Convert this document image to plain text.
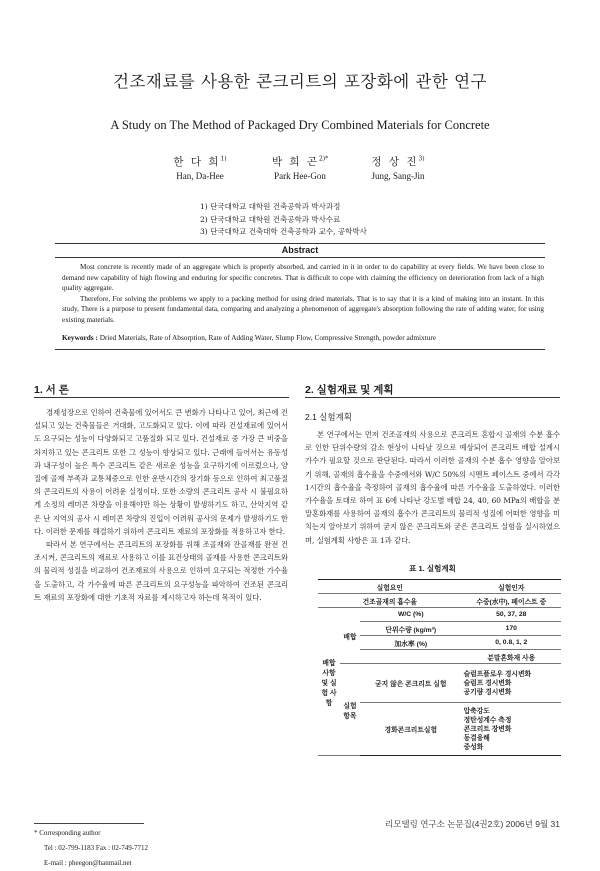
건조재료를 사용한 콘크리트의 포장화에 관한 연구
A Study on The Method of Packaged Dry Combined Materials for Concrete
한 다 희$^{1)}$
Han, Da-Hee
박 희 곤$^{2)*}$
Park Hee-Gon
정 상 진$^{3)}$
Jung, Sang-Jin
1) 단국대학교 대학원 건축공학과 박사과정
2) 단국대학교 대학원 건축공학과 박사수료
3) 단국대학교 건축대학 건축공학과 교수, 공학박사
Abstract

Most concrete is recently made of an aggregate which is properly absorbed, and carried in it in order to do capability at every fields. We have been close to demand new capability of high flowing and enduring for specific concretes. That is difficult to cope with claiming the efficiency on deterioration from lack of a high quality aggregate.

Therefore, For solving the problems we apply to a packing method for using dried materials. That is to say that it is a kind of making into an instant. In this study, There is a purpose to present fundamental data, comparing and analyzing a phenomenon of aggregate's absorption following the rate of adding water, for using existing materials.

Keywords : Dried Materials, Rate of Absorption, Rate of Adding Water, Slump Flow, Compressive Strength, powder admixture
1. 서 론

경제성장으로 인하여 건축물에 있어서도 큰 변화가 나타나고 있어, 최근에 건설되고 있는 건축물들은 거대화, 고도화되고 있다. 이에 따라 건설재료에 있어서도 요구되는 성능이 다양화되고 고품질화 되고 있다. 건설재료 중 가장 큰 비중을 차지하고 있는 콘크리트 또한 그 성능이 향상되고 있다. 근래에 들어서는 유동성과 내구성이 높은 특수 콘크리트 같은 새로운 성능을 요구하기에 이르렀으나, 양질에 골재 부족과 교통체증으로 인한 운반시간의 장기화 등으로 인하여 최고품질의 콘크리트의 사용이 어려운 실정이다. 또한 소량의 콘크리트 공사 시 불필요하게 소정의 레미콘 차량을 이용해야만 하는 상황이 발생하기도 하고, 산악지역 같은 난 지역의 공사 시 레미콘 차량의 진입이 어려워 공사의 문제가 발생하기도 한다. 이러한 문제를 해결하기 위하여 콘크리트 재료의 포장화를 적용하고자 한다.

따라서 본 연구에서는 콘크리트의 포장화를 위해 조골재와 잔골재를 완전 건조시켜, 콘크리트의 재료로 사용하고 이를 표건상태의 골재를 사용한 콘크리트와의 물리적 성질을 비교하여 건조재료의 사용으로 인하여 요구되는 적정한 가수율을 도출하고, 각 가수율에 따른 콘크리트의 요구성능을 파악하여 건조된 콘크리트 재료의 포장화에 대한 기초적 자료를 제시하고자 하는데 목적이 있다.

2. 실험재료 및 계획
2.1 실험계획

본 연구에서는 먼저 건조골재의 사용으로 콘크리트 혼합시 골재의 수분 흡수로 인한 단위수량의 감소 현상이 나타날 것으로 예상되어 콘크리트 배합 설계시 가수가 필요할 것으로 판단된다. 따라서 이러한 골재의 수분 흡수 영향을 알아보기 위해, 골재의 흡수율을 수중에서와 W/C 50%의 시멘트 페이스트 중에서 각각 1시간의 흡수율을 측정하여 골재의 흡수율에 따른 가수율을 도출하였다. 이러한 가수율을 토대로 하여 표 6에 나타난 강도별 배합 24, 40, 60 MPa의 배합을 분말혼화재를 사용하여 골재의 흡수가 콘크리트의 물리적 성질에 어떠한 영향을 미치는지 알아보기 위하여 굳지 않은 콘크리트와 굳은 콘크리트 실험을 실시하였으며, 실험계획 사항은 표 1과 같다.

표 1. 실험계획
실험요인			실험인자
건조골재의 흡수율			수중(水中), 페이스트 중
배합 사항 및 실험 사항	배합	W/C (%)	50, 37, 28
		단위수량 (kg/m³)	170
		加水率 (%)	0, 0.8, 1, 2
			분말혼화재 사용
	실험 항목	굳지 않은 콘크리트 실험	슬럼프플로우 경시변화
슬럼프 경시변화
공기량 경시변화
		경화콘크리트실험	압축강도
정탄성계수 측정
콘크리트 장변화
동결융해
중성화
* Corresponding author
Tel : 02-799-1183 Fax : 02-749-7712
E-mail : pheegon@hanmail.net
리모델링 연구소 논문집(4권2호) 2006년 9월 31
